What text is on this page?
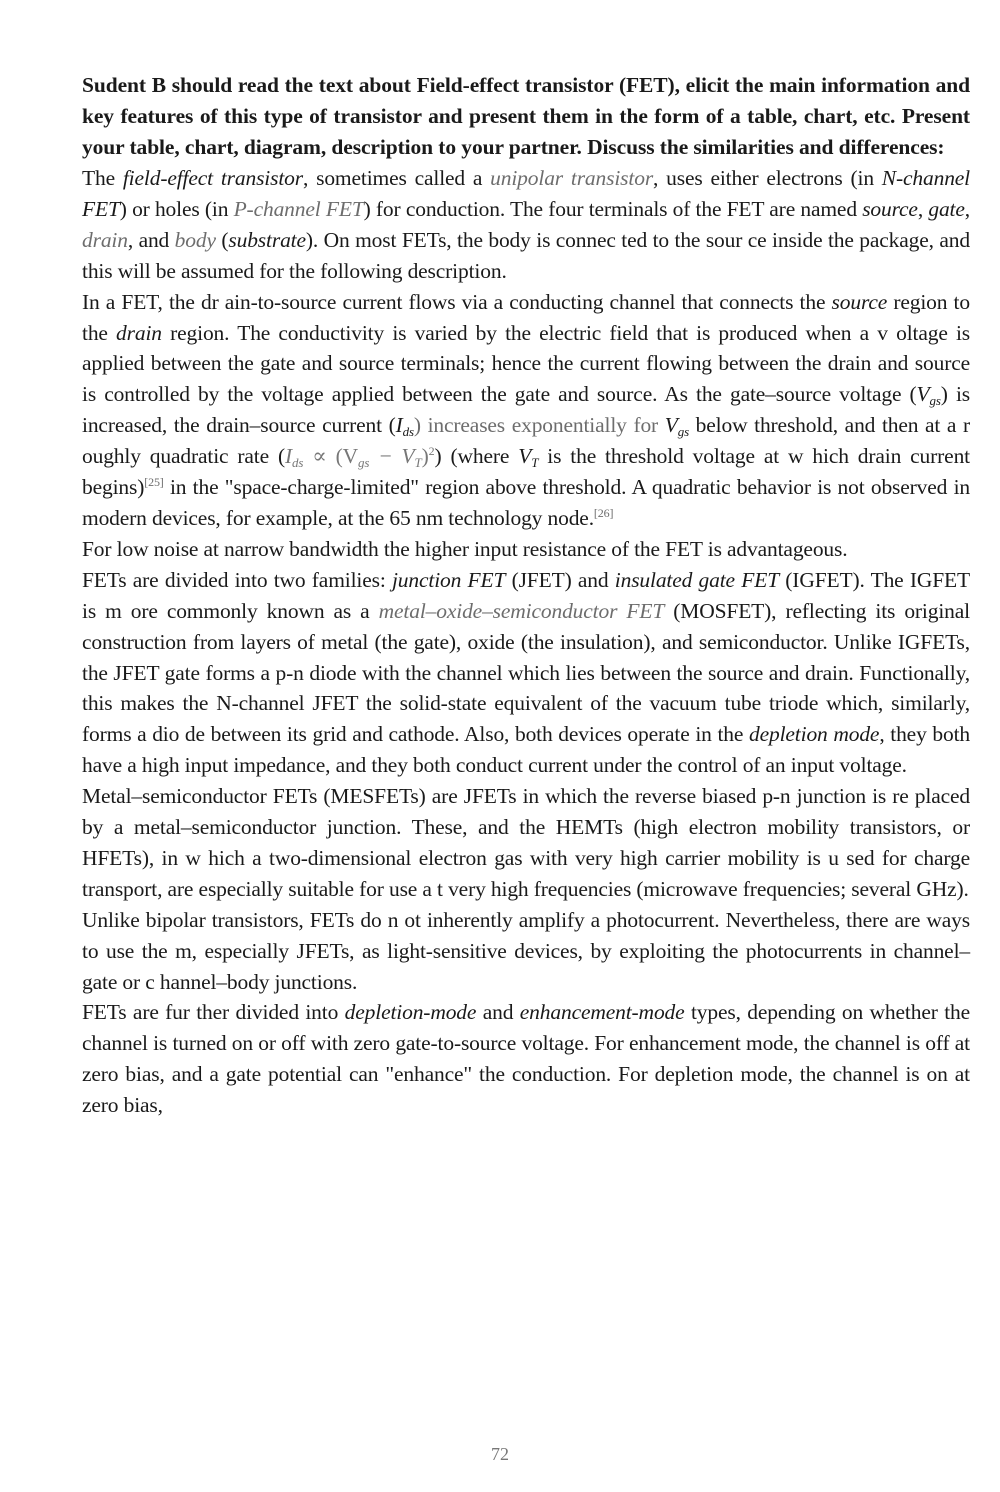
Sudent B should read the text about Field-effect transistor (FET), elicit the main information and key features of this type of transistor and present them in the form of a table, chart, etc. Present your table, chart, diagram, description to your partner. Discuss the similarities and differences:

The field-effect transistor, sometimes called a unipolar transistor, uses either electrons (in N-channel FET) or holes (in P-channel FET) for conduction. The four terminals of the FET are named source, gate, drain, and body (substrate). On most FETs, the body is connec ted to the sour ce inside the package, and this will be assumed for the following description.

In a FET, the dr ain-to-source current flows via a conducting channel that connects the source region to the drain region. The conductivity is varied by the electric field that is produced when a v oltage is applied between the gate and source terminals; hence the current flowing between the drain and source is controlled by the voltage applied between the gate and source. As the gate–source voltage $(V_{gs})$ is increased, the drain–source current $(I_{ds})$ increases exponentially for $V_{gs}$ below threshold, and then at a r oughly quadratic rate $(I_{ds} \propto (V_{gs} - V_T)^2)$ (where $V_T$ is the threshold voltage at w hich drain current begins)[25] in the "space-charge-limited" region above threshold. A quadratic behavior is not observed in modern devices, for example, at the 65 nm technology node.[26]

For low noise at narrow bandwidth the higher input resistance of the FET is advantageous.

FETs are divided into two families: junction FET (JFET) and insulated gate FET (IGFET). The IGFET is m ore commonly known as a metal–oxide–semiconductor FET (MOSFET), reflecting its original construction from layers of metal (the gate), oxide (the insulation), and semiconductor. Unlike IGFETs, the JFET gate forms a p-n diode with the channel which lies between the source and drain. Functionally, this makes the N-channel JFET the solid-state equivalent of the vacuum tube triode which, similarly, forms a dio de between its grid and cathode. Also, both devices operate in the depletion mode, they both have a high input impedance, and they both conduct current under the control of an input voltage.

Metal–semiconductor FETs (MESFETs) are JFETs in which the reverse biased p-n junction is re placed by a metal–semiconductor junction. These, and the HEMTs (high electron mobility transistors, or HFETs), in w hich a two-dimensional electron gas with very high carrier mobility is u sed for charge transport, are especially suitable for use a t very high frequencies (microwave frequencies; several GHz).

Unlike bipolar transistors, FETs do n ot inherently amplify a photocurrent. Nevertheless, there are ways to use the m, especially JFETs, as light-sensitive devices, by exploiting the photocurrents in channel–gate or c hannel–body junctions.

FETs are fur ther divided into depletion-mode and enhancement-mode types, depending on whether the channel is turned on or off with zero gate-to-source voltage. For enhancement mode, the channel is off at zero bias, and a gate potential can "enhance" the conduction. For depletion mode, the channel is on at zero bias,

72
